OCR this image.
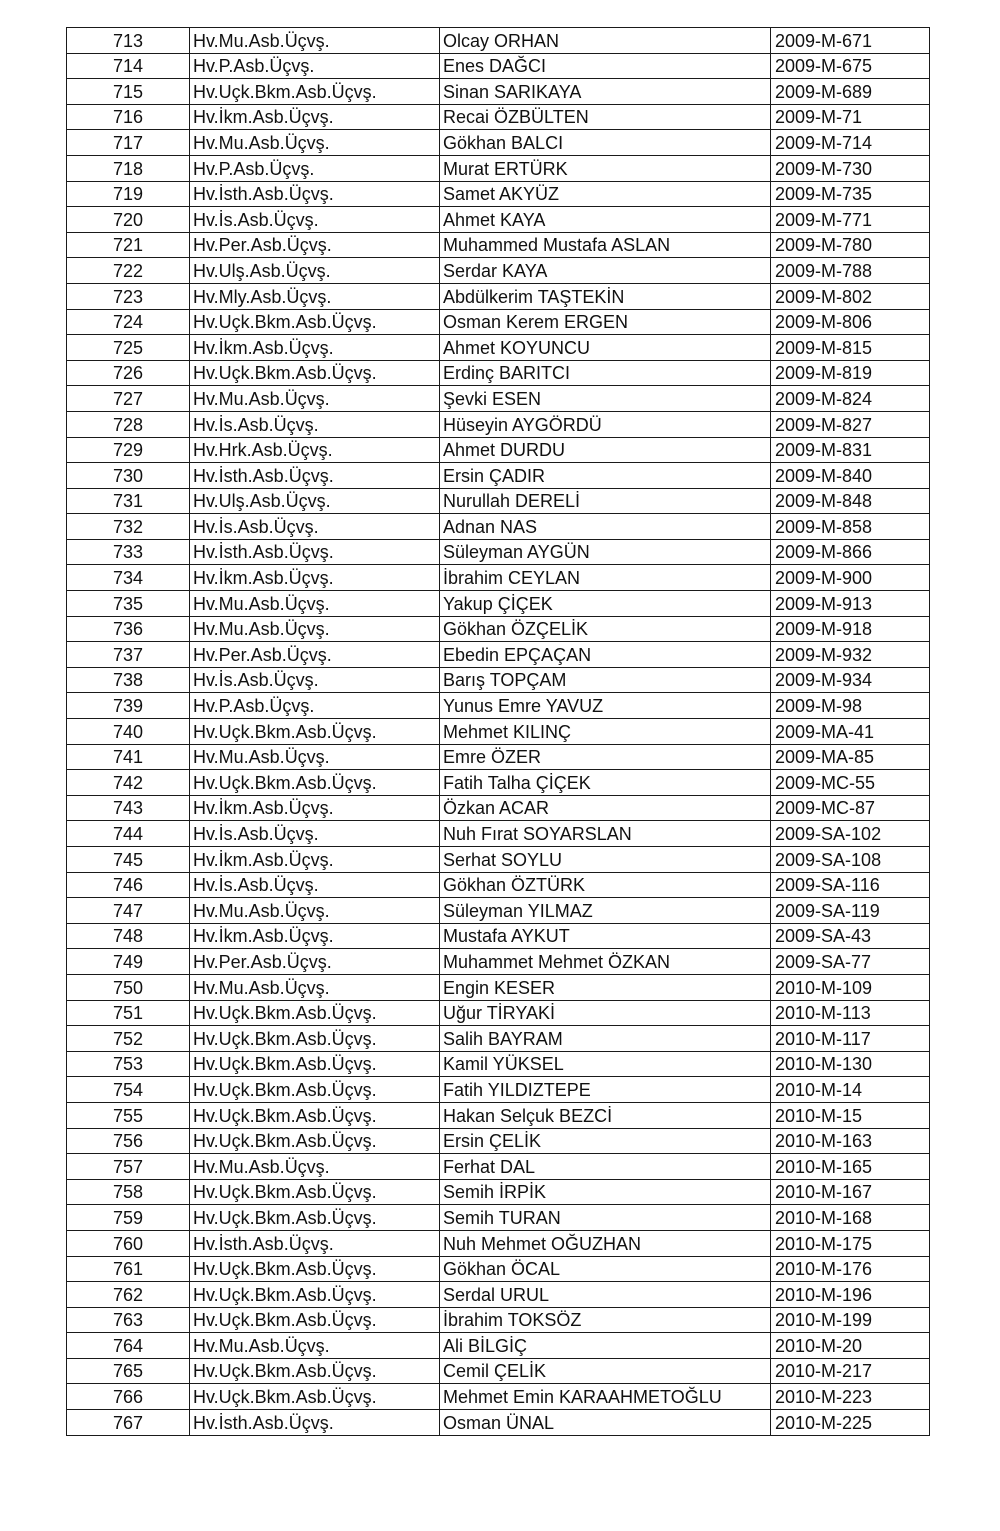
713	Hv.Mu.Asb.Üçvş.	Olcay ORHAN	2009-M-671
714	Hv.P.Asb.Üçvş.	Enes DAĞCI	2009-M-675
715	Hv.Uçk.Bkm.Asb.Üçvş.	Sinan SARIKAYA	2009-M-689
716	Hv.İkm.Asb.Üçvş.	Recai ÖZBÜLTEN	2009-M-71
717	Hv.Mu.Asb.Üçvş.	Gökhan BALCI	2009-M-714
718	Hv.P.Asb.Üçvş.	Murat ERTÜRK	2009-M-730
719	Hv.İsth.Asb.Üçvş.	Samet AKYÜZ	2009-M-735
720	Hv.İs.Asb.Üçvş.	Ahmet KAYA	2009-M-771
721	Hv.Per.Asb.Üçvş.	Muhammed Mustafa ASLAN	2009-M-780
722	Hv.Ulş.Asb.Üçvş.	Serdar KAYA	2009-M-788
723	Hv.Mly.Asb.Üçvş.	Abdülkerim TAŞTEKİN	2009-M-802
724	Hv.Uçk.Bkm.Asb.Üçvş.	Osman Kerem ERGEN	2009-M-806
725	Hv.İkm.Asb.Üçvş.	Ahmet KOYUNCU	2009-M-815
726	Hv.Uçk.Bkm.Asb.Üçvş.	Erdinç BARITCI	2009-M-819
727	Hv.Mu.Asb.Üçvş.	Şevki ESEN	2009-M-824
728	Hv.İs.Asb.Üçvş.	Hüseyin AYGÖRDÜ	2009-M-827
729	Hv.Hrk.Asb.Üçvş.	Ahmet DURDU	2009-M-831
730	Hv.İsth.Asb.Üçvş.	Ersin ÇADIR	2009-M-840
731	Hv.Ulş.Asb.Üçvş.	Nurullah DERELİ	2009-M-848
732	Hv.İs.Asb.Üçvş.	Adnan NAS	2009-M-858
733	Hv.İsth.Asb.Üçvş.	Süleyman AYGÜN	2009-M-866
734	Hv.İkm.Asb.Üçvş.	İbrahim CEYLAN	2009-M-900
735	Hv.Mu.Asb.Üçvş.	Yakup ÇİÇEK	2009-M-913
736	Hv.Mu.Asb.Üçvş.	Gökhan ÖZÇELİK	2009-M-918
737	Hv.Per.Asb.Üçvş.	Ebedin EPÇAÇAN	2009-M-932
738	Hv.İs.Asb.Üçvş.	Barış TOPÇAM	2009-M-934
739	Hv.P.Asb.Üçvş.	Yunus Emre YAVUZ	2009-M-98
740	Hv.Uçk.Bkm.Asb.Üçvş.	Mehmet KILINÇ	2009-MA-41
741	Hv.Mu.Asb.Üçvş.	Emre ÖZER	2009-MA-85
742	Hv.Uçk.Bkm.Asb.Üçvş.	Fatih Talha ÇİÇEK	2009-MC-55
743	Hv.İkm.Asb.Üçvş.	Özkan ACAR	2009-MC-87
744	Hv.İs.Asb.Üçvş.	Nuh Fırat SOYARSLAN	2009-SA-102
745	Hv.İkm.Asb.Üçvş.	Serhat SOYLU	2009-SA-108
746	Hv.İs.Asb.Üçvş.	Gökhan ÖZTÜRK	2009-SA-116
747	Hv.Mu.Asb.Üçvş.	Süleyman YILMAZ	2009-SA-119
748	Hv.İkm.Asb.Üçvş.	Mustafa AYKUT	2009-SA-43
749	Hv.Per.Asb.Üçvş.	Muhammet Mehmet ÖZKAN	2009-SA-77
750	Hv.Mu.Asb.Üçvş.	Engin KESER	2010-M-109
751	Hv.Uçk.Bkm.Asb.Üçvş.	Uğur TİRYAKİ	2010-M-113
752	Hv.Uçk.Bkm.Asb.Üçvş.	Salih BAYRAM	2010-M-117
753	Hv.Uçk.Bkm.Asb.Üçvş.	Kamil YÜKSEL	2010-M-130
754	Hv.Uçk.Bkm.Asb.Üçvş.	Fatih YILDIZTEPE	2010-M-14
755	Hv.Uçk.Bkm.Asb.Üçvş.	Hakan Selçuk BEZCİ	2010-M-15
756	Hv.Uçk.Bkm.Asb.Üçvş.	Ersin ÇELİK	2010-M-163
757	Hv.Mu.Asb.Üçvş.	Ferhat DAL	2010-M-165
758	Hv.Uçk.Bkm.Asb.Üçvş.	Semih İRPİK	2010-M-167
759	Hv.Uçk.Bkm.Asb.Üçvş.	Semih TURAN	2010-M-168
760	Hv.İsth.Asb.Üçvş.	Nuh Mehmet OĞUZHAN	2010-M-175
761	Hv.Uçk.Bkm.Asb.Üçvş.	Gökhan ÖCAL	2010-M-176
762	Hv.Uçk.Bkm.Asb.Üçvş.	Serdal URUL	2010-M-196
763	Hv.Uçk.Bkm.Asb.Üçvş.	İbrahim TOKSÖZ	2010-M-199
764	Hv.Mu.Asb.Üçvş.	Ali BİLGİÇ	2010-M-20
765	Hv.Uçk.Bkm.Asb.Üçvş.	Cemil ÇELİK	2010-M-217
766	Hv.Uçk.Bkm.Asb.Üçvş.	Mehmet Emin KARAAHMETOĞLU	2010-M-223
767	Hv.İsth.Asb.Üçvş.	Osman ÜNAL	2010-M-225
